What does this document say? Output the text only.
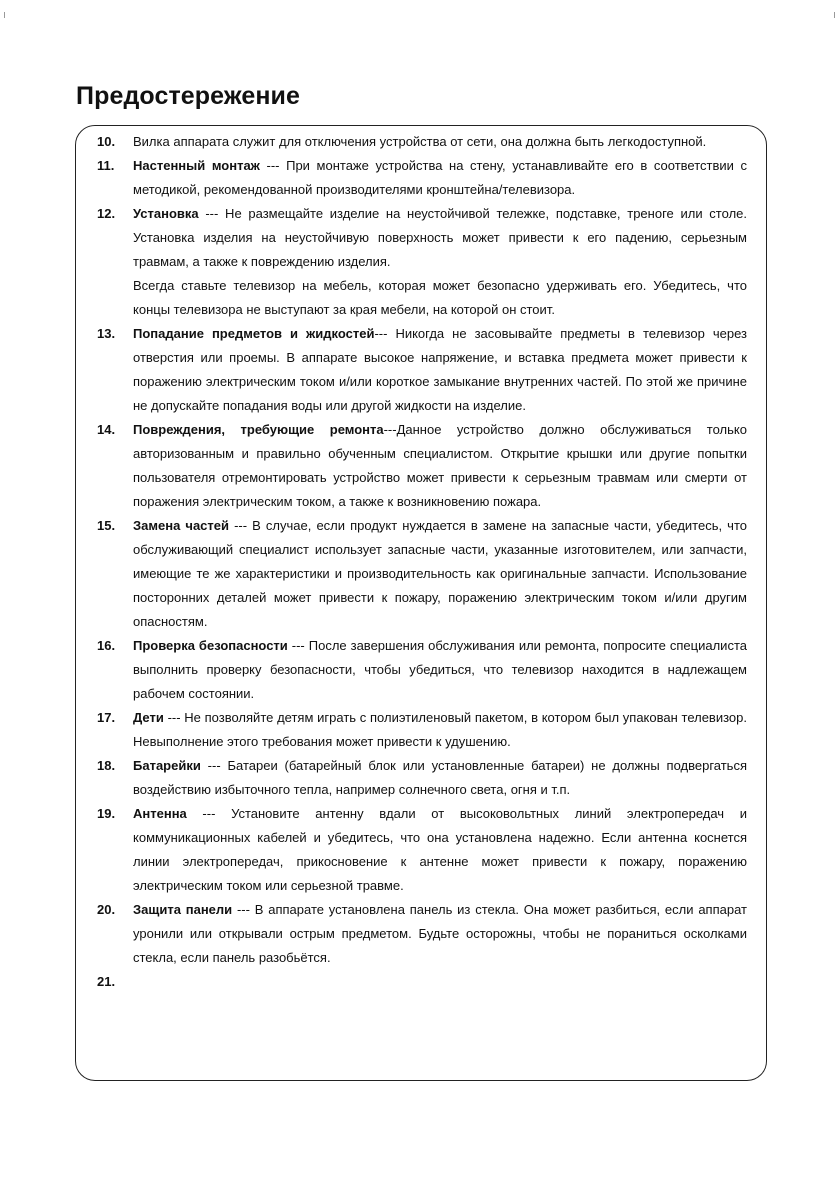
Предостережение
10.	Вилка аппарата служит для отключения устройства от сети, она должна быть легкодоступной.

11.	Настенный монтаж --- При монтаже устройства на стену, устанавливайте его в соответствии с методикой, рекомендованной производителями кронштейна/телевизора.

12.	Установка --- Не размещайте изделие на неустойчивой тележке, подставке, треноге или столе. Установка изделия на неустойчивую поверхность может привести к его падению, серьезным травмам, а также к повреждению изделия.

Всегда ставьте телевизор на мебель, которая может безопасно удерживать его. Убедитесь, что концы телевизора не выступают за края мебели, на которой он стоит.

13.	Попадание предметов и жидкостей--- Никогда не засовывайте предметы в телевизор через отверстия или проемы. В аппарате высокое напряжение, и вставка предмета может привести к поражению электрическим током и/или короткое замыкание внутренних частей. По этой же причине не допускайте попадания воды или другой жидкости на изделие.

14.	Повреждения, требующие ремонта---Данное устройство должно обслуживаться только авторизованным и правильно обученным специалистом. Открытие крышки или другие попытки пользователя отремонтировать устройство может привести к серьезным травмам или смерти от поражения электрическим током, а также к возникновению пожара.

15.	Замена частей --- В случае, если продукт нуждается в замене на запасные части, убедитесь, что обслуживающий специалист использует запасные части, указанные изготовителем, или запчасти, имеющие те же характеристики и производительность как оригинальные запчасти. Использование посторонних деталей может привести к пожару, поражению электрическим током и/или другим опасностям.

16.	Проверка безопасности --- После завершения обслуживания или ремонта, попросите специалиста выполнить проверку безопасности, чтобы убедиться, что телевизор находится в надлежащем рабочем состоянии.

17.	Дети --- Не позволяйте детям играть с полиэтиленовый пакетом, в котором был упакован телевизор. Невыполнение этого требования может привести к удушению.

18.	Батарейки --- Батареи (батарейный блок или установленные батареи) не должны подвергаться воздействию избыточного тепла, например солнечного света, огня и т.п.

19.	Антенна --- Установите антенну вдали от высоковольтных линий электропередач и коммуникационных кабелей и убедитесь, что она установлена надежно. Если антенна коснется линии электропередач, прикосновение к антенне может привести к пожару, поражению электрическим током или серьезной травме.

20.	Защита панели --- В аппарате установлена панель из стекла. Она может разбиться, если аппарат уронили или открывали острым предметом. Будьте осторожны, чтобы не пораниться осколками стекла, если панель разобьётся.

21.
